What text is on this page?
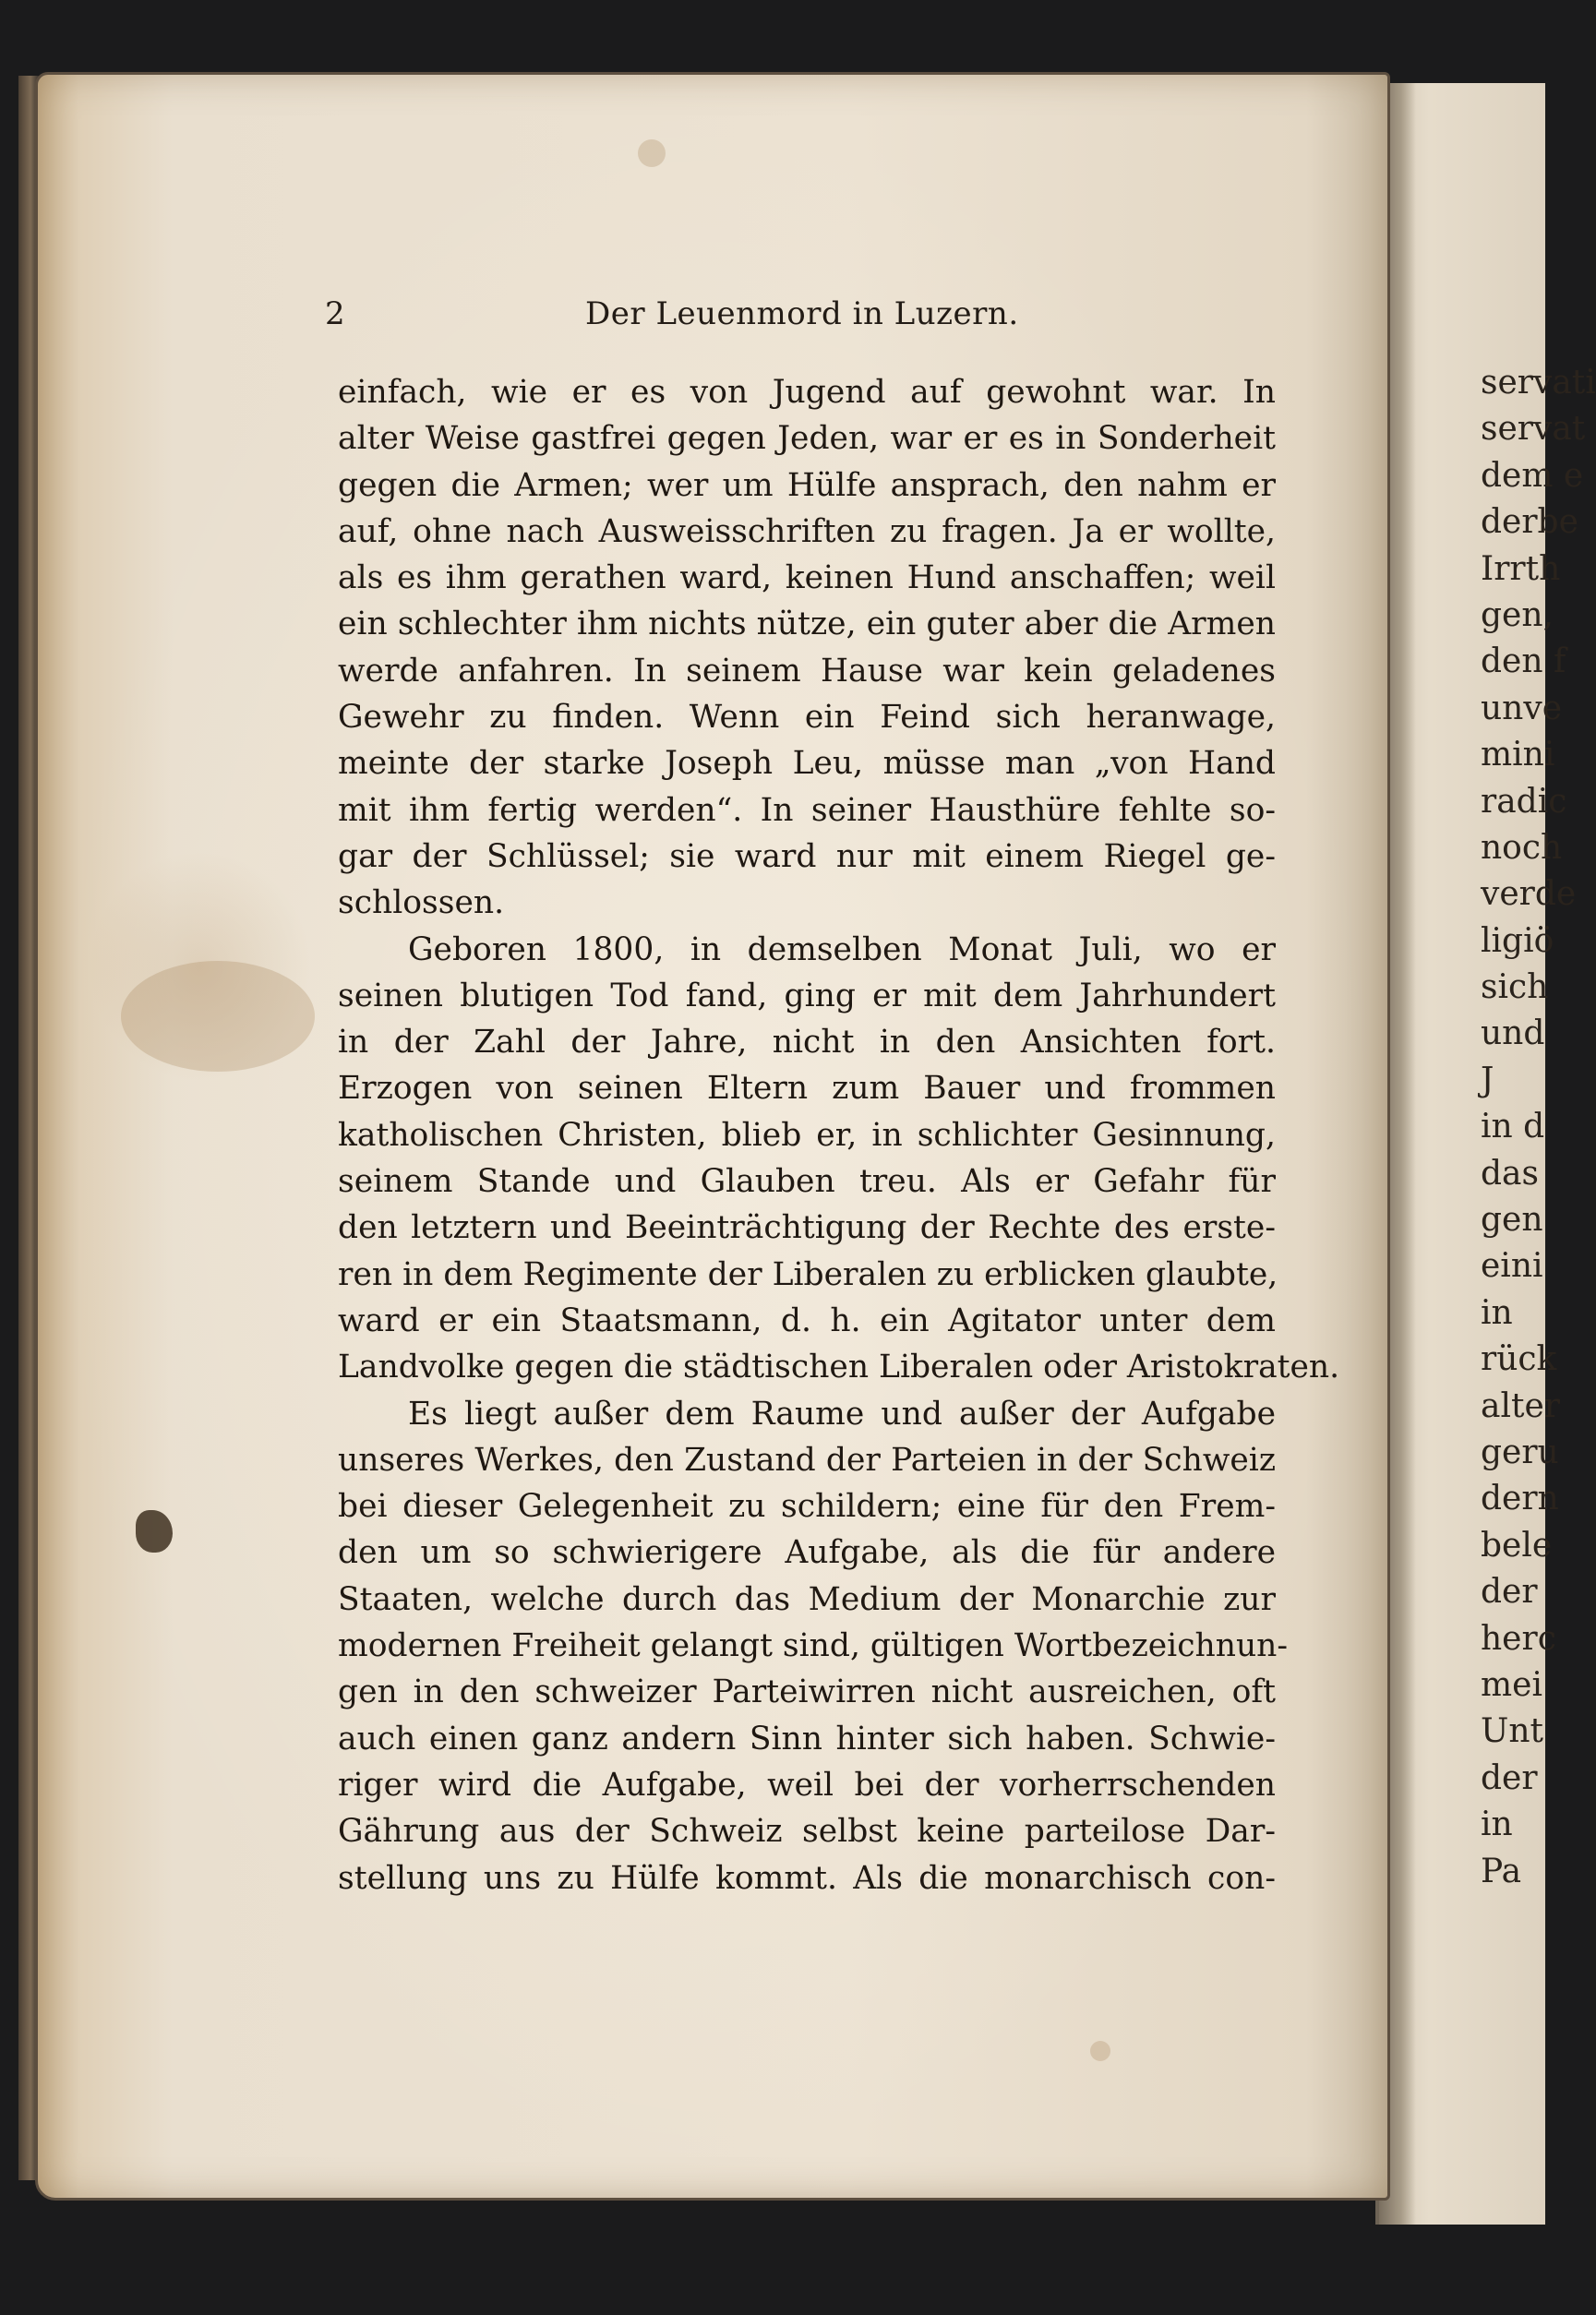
servati
servat
dem e
derbe
Irrth
gen,
den f
unve
mini
radic
noch
verde
ligiö
sich
und
J
in d
das
gen
eini
in
rück
alter
geru
dern
bele
der
herc
mei
Unt
der
in
Pa
2	Der Leuenmord in Luzern.
einfach, wie er es von Jugend auf gewohnt war. In
alter Weise gastfrei gegen Jeden, war er es in Sonderheit
gegen die Armen; wer um Hülfe ansprach, den nahm er
auf, ohne nach Ausweisschriften zu fragen. Ja er wollte,
als es ihm gerathen ward, keinen Hund anschaffen; weil
ein schlechter ihm nichts nütze, ein guter aber die Armen
werde anfahren. In seinem Hause war kein geladenes
Gewehr zu finden. Wenn ein Feind sich heranwage,
meinte der starke Joseph Leu, müsse man „von Hand
mit ihm fertig werden“. In seiner Hausthüre fehlte so-
gar der Schlüssel; sie ward nur mit einem Riegel ge-
schlossen.
Geboren 1800, in demselben Monat Juli, wo er
seinen blutigen Tod fand, ging er mit dem Jahrhundert
in der Zahl der Jahre, nicht in den Ansichten fort.
Erzogen von seinen Eltern zum Bauer und frommen
katholischen Christen, blieb er, in schlichter Gesinnung,
seinem Stande und Glauben treu. Als er Gefahr für
den letztern und Beeinträchtigung der Rechte des erste-
ren in dem Regimente der Liberalen zu erblicken glaubte,
ward er ein Staatsmann, d. h. ein Agitator unter dem
Landvolke gegen die städtischen Liberalen oder Aristokraten.
Es liegt außer dem Raume und außer der Aufgabe
unseres Werkes, den Zustand der Parteien in der Schweiz
bei dieser Gelegenheit zu schildern; eine für den Frem-
den um so schwierigere Aufgabe, als die für andere
Staaten, welche durch das Medium der Monarchie zur
modernen Freiheit gelangt sind, gültigen Wortbezeichnun-
gen in den schweizer Parteiwirren nicht ausreichen, oft
auch einen ganz andern Sinn hinter sich haben. Schwie-
riger wird die Aufgabe, weil bei der vorherrschenden
Gährung aus der Schweiz selbst keine parteilose Dar-
stellung uns zu Hülfe kommt. Als die monarchisch con-
